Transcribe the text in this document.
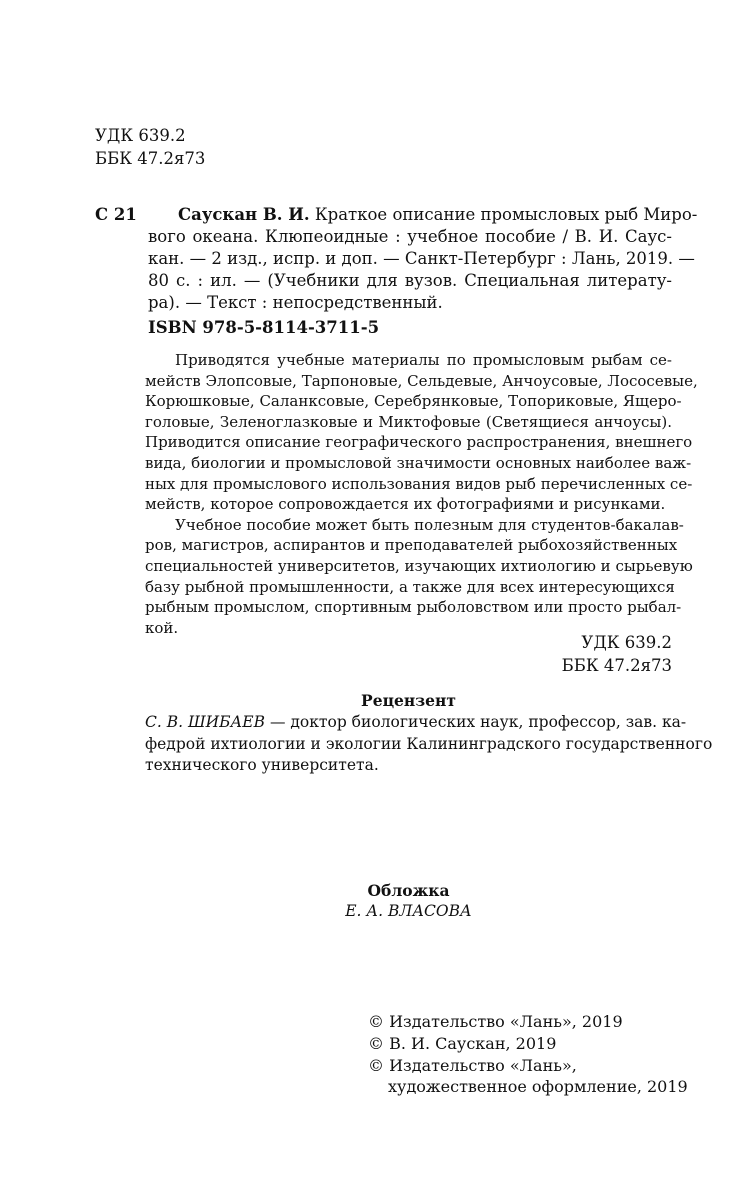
УДК 639.2
ББК 47.2я73
С 21 Саускан В. И. Краткое описание промысловых рыб Миро-
вого океана. Клюпеоидные : учебное пособие / В. И. Саус-
кан. — 2 изд., испр. и доп. — Санкт-Петербург : Лань, 2019. —
80 с. : ил. — (Учебники для вузов. Специальная литерату-
ра). — Текст : непосредственный.
ISBN 978-5-8114-3711-5
Приводятся учебные материалы по промысловым рыбам се-
мейств Элопсовые, Тарпоновые, Сельдевые, Анчоусовые, Лососевые,
Корюшковые, Саланксовые, Серебрянковые, Топориковые, Ящеро-
головые, Зеленоглазковые и Миктофовые (Светящиеся анчоусы).
Приводится описание географического распространения, внешнего
вида, биологии и промысловой значимости основных наиболее важ-
ных для промыслового использования видов рыб перечисленных се-
мейств, которое сопровождается их фотографиями и рисунками.
Учебное пособие может быть полезным для студентов-бакалав-
ров, магистров, аспирантов и преподавателей рыбохозяйственных
специальностей университетов, изучающих ихтиологию и сырьевую
базу рыбной промышленности, а также для всех интересующихся
рыбным промыслом, спортивным рыболовством или просто рыбал-
кой.
УДК 639.2
ББК 47.2я73
Рецензент
С. В. ШИБАЕВ — доктор биологических наук, профессор, зав. ка-
федрой ихтиологии и экологии Калининградского государственного
технического университета.
Обложка
Е. А. ВЛАСОВА
© Издательство «Лань», 2019
© В. И. Саускан, 2019
© Издательство «Лань»,
художественное оформление, 2019
